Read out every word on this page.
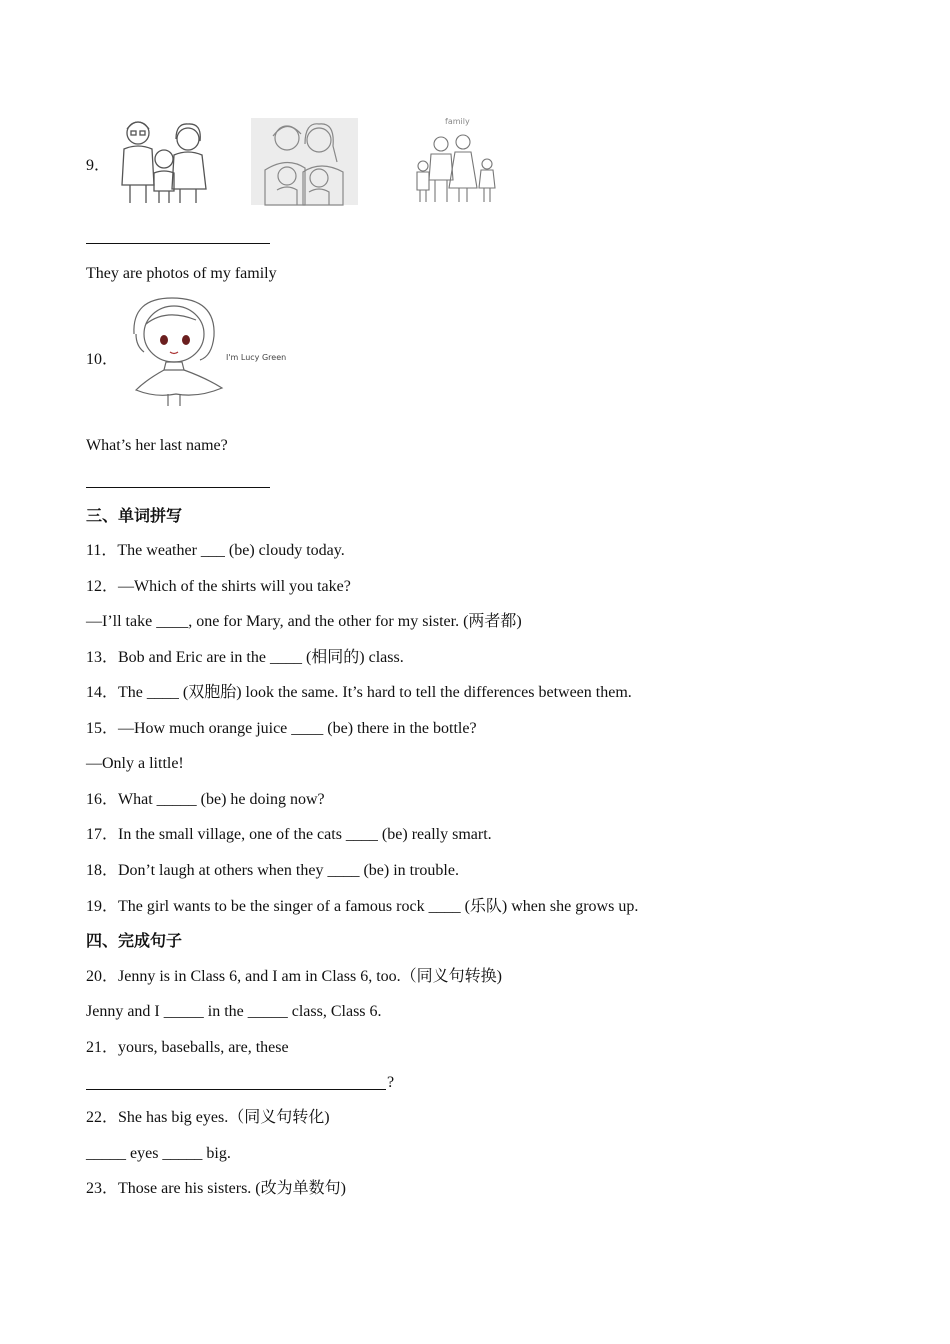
9．
family
They are photos of my family
10．	I'm Lucy Green
What’s her last name?
三、单词拼写
11．The weather ___ (be) cloudy today.
12．—Which of the shirts will you take?
—I’ll take ____, one for Mary, and the other for my sister. (两者都)
13．Bob and Eric are in the ____ (相同的) class.
14．The ____ (双胞胎) look the same. It’s hard to tell the differences between them.
15．—How much orange juice ____ (be) there in the bottle?
—Only a little!
16．What _____ (be) he doing now?
17．In the small village, one of the cats ____ (be) really smart.
18．Don’t laugh at others when they ____ (be) in trouble.
19．The girl wants to be the singer of a famous rock ____ (乐队) when she grows up.
四、完成句子
20．Jenny is in Class 6, and I am in Class 6, too.（同义句转换)
Jenny and I _____ in the _____ class, Class 6.
21．yours, baseballs, are, these
?
22．She has big eyes.（同义句转化)
_____ eyes _____ big.
23．Those are his sisters. (改为单数句)
